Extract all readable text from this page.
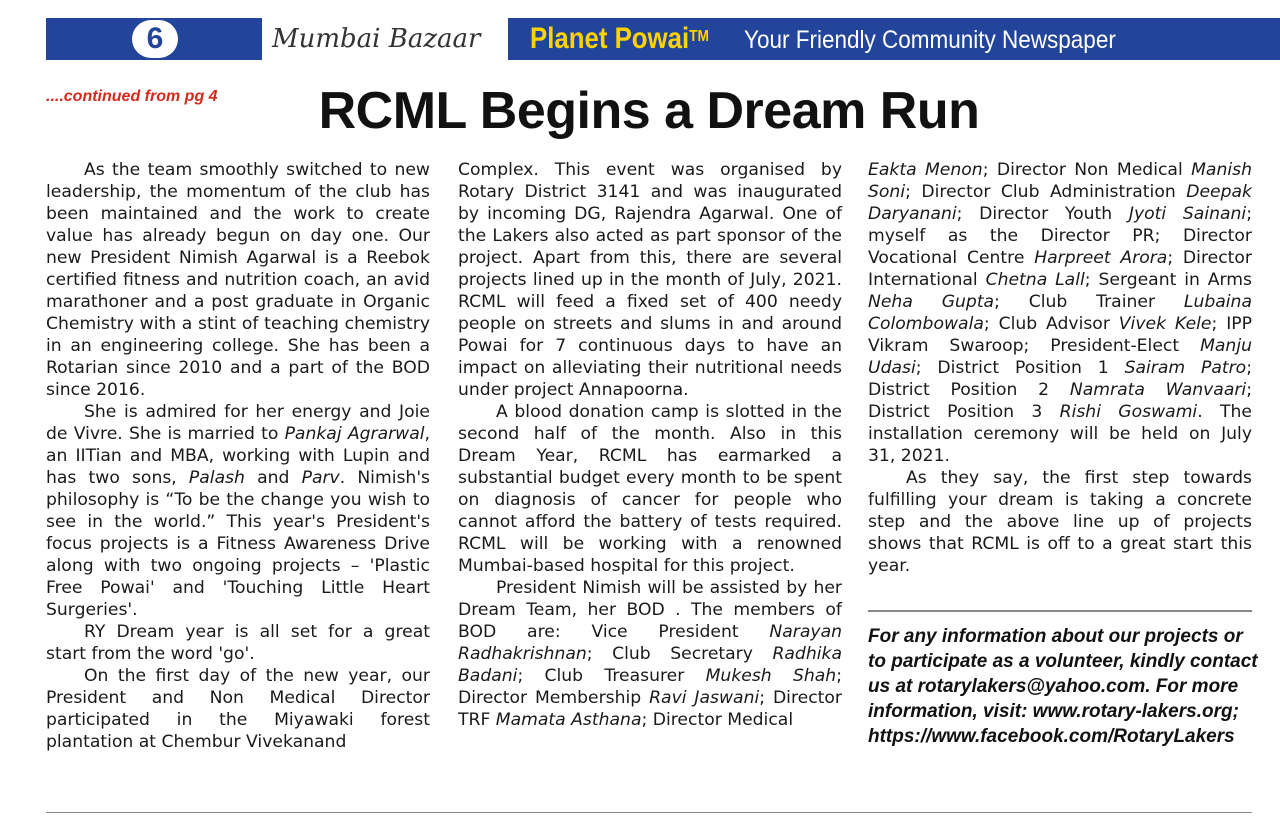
6	Mumbai Bazaar Planet Powai™ Your Friendly Community Newspaper
....continued from pg 4	RCML Begins a Dream Run

As the team smoothly switched to new leadership, the momentum of the club has been maintained and the work to create value has already begun on day one. Our new President Nimish Agarwal is a Reebok certified fitness and nutrition coach, an avid marathoner and a post graduate in Organic Chemistry with a stint of teaching chemistry in an engineering college. She has been a Rotarian since 2010 and a part of the BOD since 2016.

She is admired for her energy and Joie de Vivre. She is married to Pankaj Agrarwal, an IITian and MBA, working with Lupin and has two sons, Palash and Parv. Nimish's philosophy is “To be the change you wish to see in the world.” This year's President's focus projects is a Fitness Awareness Drive along with two ongoing projects – 'Plastic Free Powai' and 'Touching Little Heart Surgeries'.

RY Dream year is all set for a great start from the word 'go'.

On the first day of the new year, our President and Non Medical Director participated in the Miyawaki forest plantation at Chembur Vivekanand

Complex. This event was organised by Rotary District 3141 and was inaugurated by incoming DG, Rajendra Agarwal. One of the Lakers also acted as part sponsor of the project. Apart from this, there are several projects lined up in the month of July, 2021. RCML will feed a fixed set of 400 needy people on streets and slums in and around Powai for 7 continuous days to have an impact on alleviating their nutritional needs under project Annapoorna.

A blood donation camp is slotted in the second half of the month. Also in this Dream Year, RCML has earmarked a substantial budget every month to be spent on diagnosis of cancer for people who cannot afford the battery of tests required. RCML will be working with a renowned Mumbai-based hospital for this project.

President Nimish will be assisted by her Dream Team, her BOD . The members of BOD are: Vice President Narayan Radhakrishnan; Club Secretary Radhika Badani; Club Treasurer Mukesh Shah; Director Membership Ravi Jaswani; Director TRF Mamata Asthana; Director Medical

Eakta Menon; Director Non Medical Manish Soni; Director Club Administration Deepak Daryanani; Director Youth Jyoti Sainani; myself as the Director PR; Director Vocational Centre Harpreet Arora; Director International Chetna Lall; Sergeant in Arms Neha Gupta; Club Trainer Lubaina Colombowala; Club Advisor Vivek Kele; IPP Vikram Swaroop; President-Elect Manju Udasi; District Position 1 Sairam Patro; District Position 2 Namrata Wanvaari; District Position 3 Rishi Goswami. The installation ceremony will be held on July 31, 2021.

As they say, the first step towards fulfilling your dream is taking a concrete step and the above line up of projects shows that RCML is off to a great start this year.

For any information about our projects or to participate as a volunteer, kindly contact us at rotarylakers@yahoo.com. For more information, visit: www.rotary-lakers.org; https://www.facebook.com/RotaryLakers
